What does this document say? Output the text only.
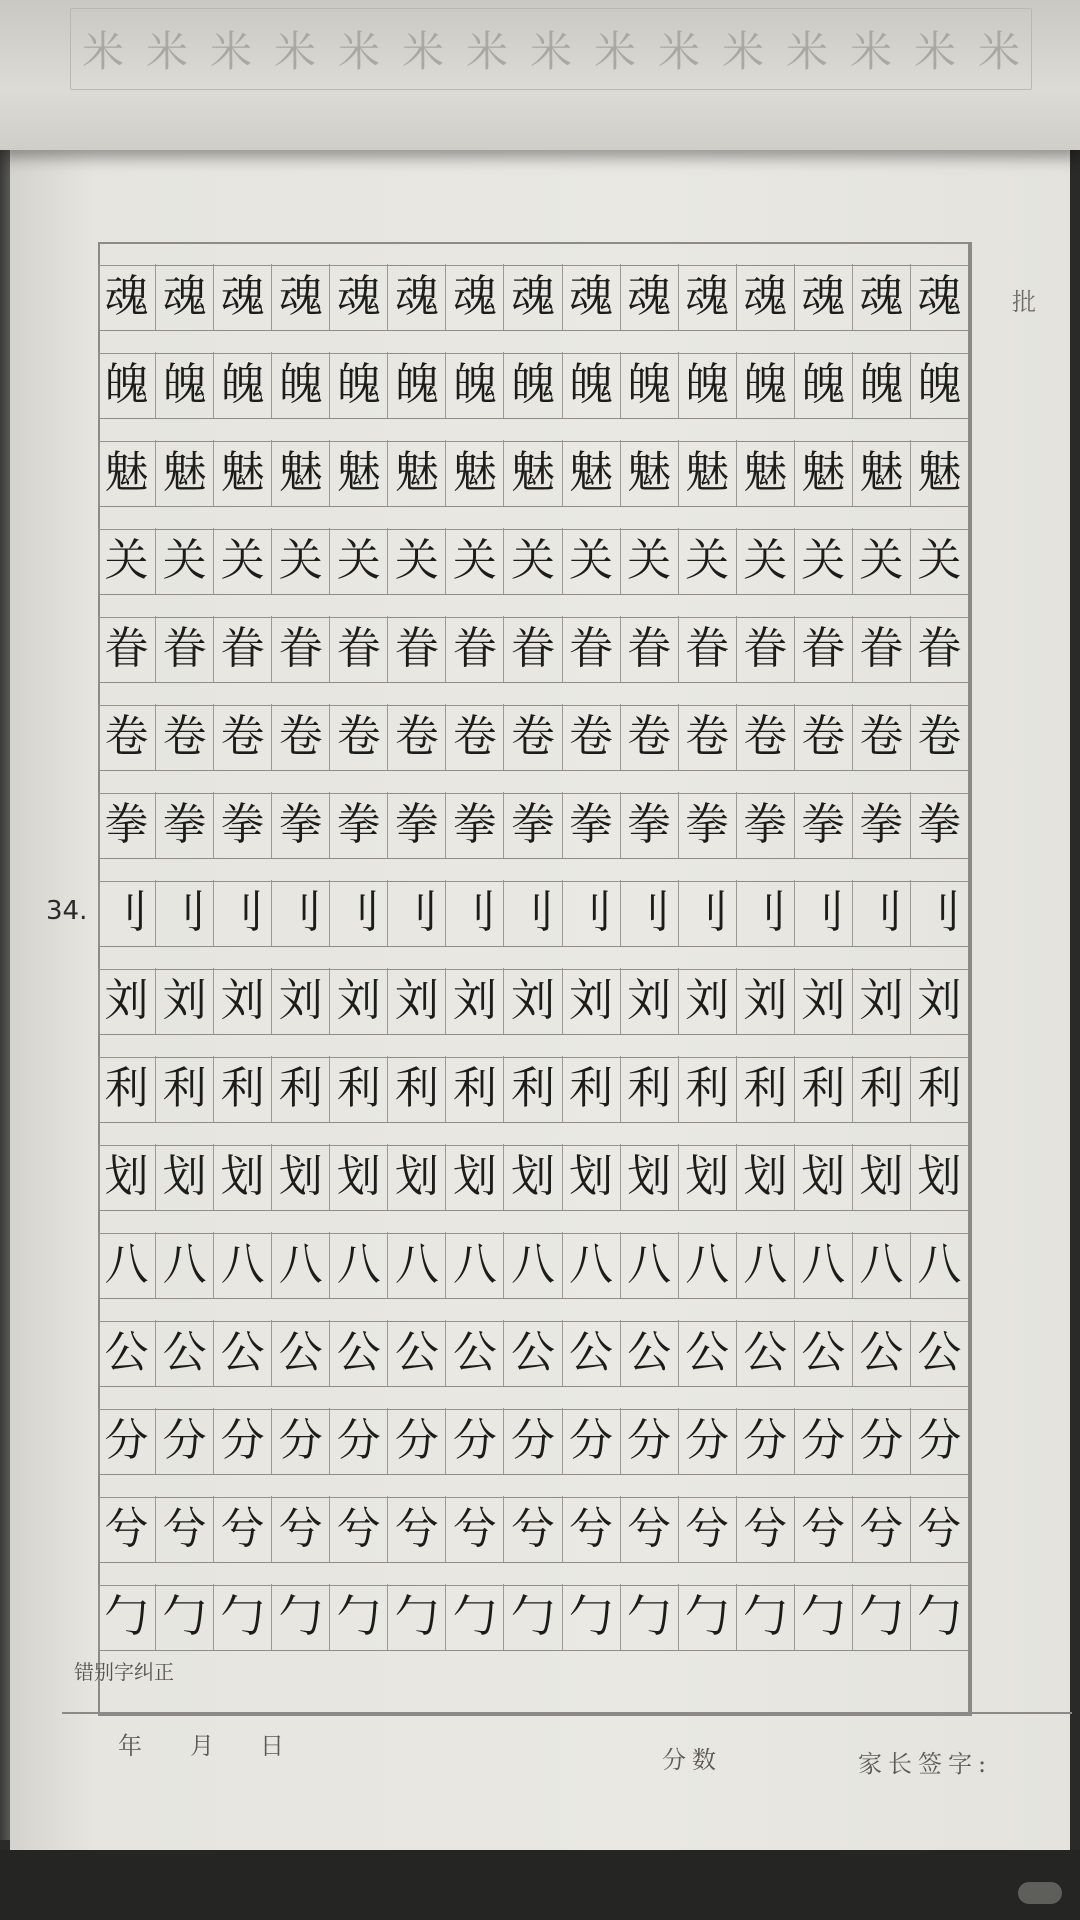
米 米 米 米 米 米 米 米 米 米 米 米 米 米 米
批
魂 魂 魂 魂 魂 魂 魂 魂 魂 魂 魂 魂 魂 魂 魂
魄 魄 魄 魄 魄 魄 魄 魄 魄 魄 魄 魄 魄 魄 魄
魅 魅 魅 魅 魅 魅 魅 魅 魅 魅 魅 魅 魅 魅 魅
关 关 关 关 关 关 关 关 关 关 关 关 关 关 关
眷 眷 眷 眷 眷 眷 眷 眷 眷 眷 眷 眷 眷 眷 眷
卷 卷 卷 卷 卷 卷 卷 卷 卷 卷 卷 卷 卷 卷 卷
拳 拳 拳 拳 拳 拳 拳 拳 拳 拳 拳 拳 拳 拳 拳
刂 刂 刂 刂 刂 刂 刂 刂 刂 刂 刂 刂 刂 刂 刂
刘 刘 刘 刘 刘 刘 刘 刘 刘 刘 刘 刘 刘 刘 刘
利 利 利 利 利 利 利 利 利 利 利 利 利 利 利
划 划 划 划 划 划 划 划 划 划 划 划 划 划 划
八 八 八 八 八 八 八 八 八 八 八 八 八 八 八
公 公 公 公 公 公 公 公 公 公 公 公 公 公 公
分 分 分 分 分 分 分 分 分 分 分 分 分 分 分
兮 兮 兮 兮 兮 兮 兮 兮 兮 兮 兮 兮 兮 兮 兮
勹 勹 勹 勹 勹 勹 勹 勹 勹 勹 勹 勹 勹 勹 勹
34.
错别字纠正
年 月 日	分数	家长签字:
